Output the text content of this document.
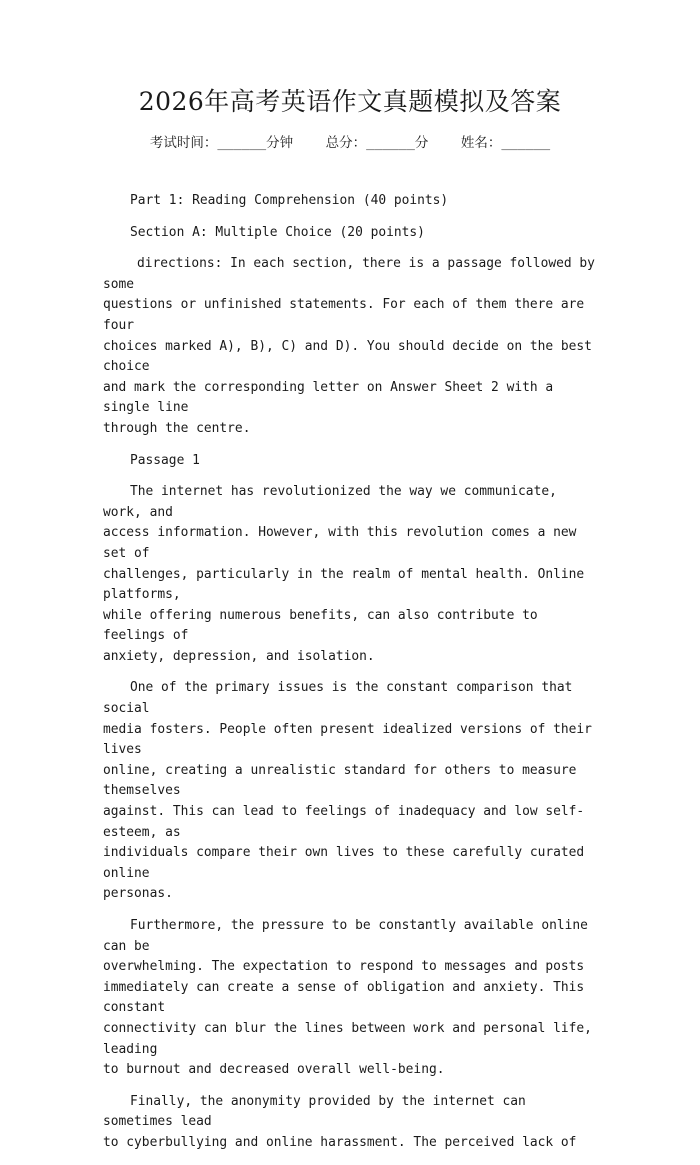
2026年高考英语作文真题模拟及答案
考试时间：______分钟    总分：______分    姓名：______

Part 1: Reading Comprehension (40 points)

Section A: Multiple Choice (20 points)

directions: In each section, there is a passage followed by some
questions or unfinished statements. For each of them there are four
choices marked A), B), C) and D). You should decide on the best choice
and mark the corresponding letter on Answer Sheet 2 with a single line
through the centre.

Passage 1

The internet has revolutionized the way we communicate, work, and
access information. However, with this revolution comes a new set of
challenges, particularly in the realm of mental health. Online platforms,
while offering numerous benefits, can also contribute to feelings of
anxiety, depression, and isolation.

One of the primary issues is the constant comparison that social
media fosters. People often present idealized versions of their lives
online, creating a unrealistic standard for others to measure themselves
against. This can lead to feelings of inadequacy and low self-esteem, as
individuals compare their own lives to these carefully curated online
personas.

Furthermore, the pressure to be constantly available online can be
overwhelming. The expectation to respond to messages and posts
immediately can create a sense of obligation and anxiety. This constant
connectivity can blur the lines between work and personal life, leading
to burnout and decreased overall well-being.

Finally, the anonymity provided by the internet can sometimes lead
to cyberbullying and online harassment. The perceived lack of
